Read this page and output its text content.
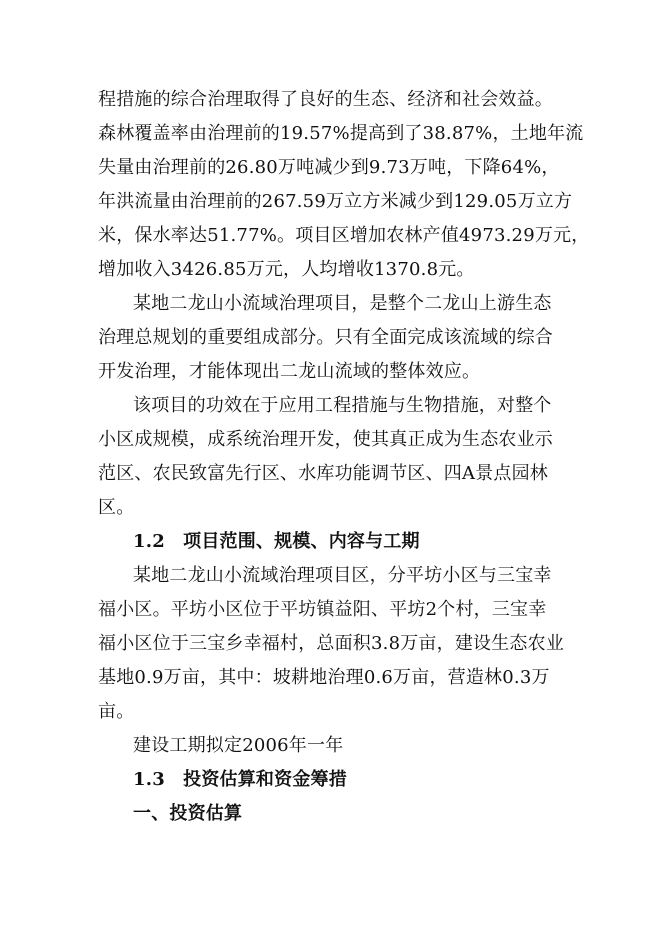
程措施的综合治理取得了良好的生态、经济和社会效益。
森林覆盖率由治理前的19.57%提高到了38.87%，土地年流
失量由治理前的26.80万吨减少到9.73万吨，下降64%，
年洪流量由治理前的267.59万立方米减少到129.05万立方
米，保水率达51.77%。项目区增加农林产值4973.29万元，
增加收入3426.85万元，人均增收1370.8元。
某地二龙山小流域治理项目，是整个二龙山上游生态
治理总规划的重要组成部分。只有全面完成该流域的综合
开发治理，才能体现出二龙山流域的整体效应。
该项目的功效在于应用工程措施与生物措施，对整个
小区成规模，成系统治理开发，使其真正成为生态农业示
范区、农民致富先行区、水库功能调节区、四A景点园林
区。
1.2　项目范围、规模、内容与工期
某地二龙山小流域治理项目区，分平坊小区与三宝幸
福小区。平坊小区位于平坊镇益阳、平坊2个村，三宝幸
福小区位于三宝乡幸福村，总面积3.8万亩，建设生态农业
基地0.9万亩，其中：坡耕地治理0.6万亩，营造林0.3万
亩。
建设工期拟定2006年一年
1.3　投资估算和资金筹措
一、投资估算
